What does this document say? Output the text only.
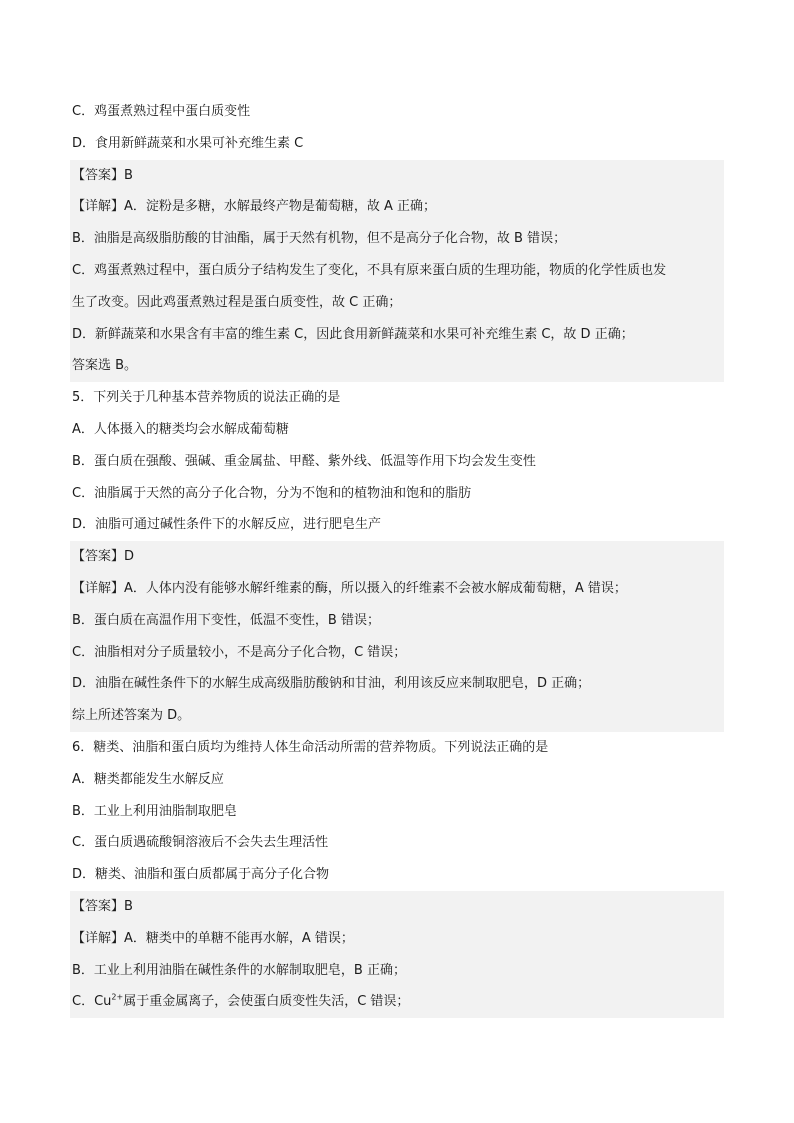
C．鸡蛋煮熟过程中蛋白质变性
D．食用新鲜蔬菜和水果可补充维生素 C
【答案】B
【详解】A．淀粉是多糖，水解最终产物是葡萄糖，故 A 正确；
B．油脂是高级脂肪酸的甘油酯，属于天然有机物，但不是高分子化合物，故 B 错误；
C．鸡蛋煮熟过程中，蛋白质分子结构发生了变化，不具有原来蛋白质的生理功能，物质的化学性质也发
生了改变。因此鸡蛋煮熟过程是蛋白质变性，故 C 正确；
D．新鲜蔬菜和水果含有丰富的维生素 C，因此食用新鲜蔬菜和水果可补充维生素 C，故 D 正确；
答案选 B。
5．下列关于几种基本营养物质的说法正确的是
A．人体摄入的糖类均会水解成葡萄糖
B．蛋白质在强酸、强碱、重金属盐、甲醛、紫外线、低温等作用下均会发生变性
C．油脂属于天然的高分子化合物，分为不饱和的植物油和饱和的脂肪
D．油脂可通过碱性条件下的水解反应，进行肥皂生产
【答案】D
【详解】A．人体内没有能够水解纤维素的酶，所以摄入的纤维素不会被水解成葡萄糖，A 错误；
B．蛋白质在高温作用下变性，低温不变性，B 错误；
C．油脂相对分子质量较小，不是高分子化合物，C 错误；
D．油脂在碱性条件下的水解生成高级脂肪酸钠和甘油，利用该反应来制取肥皂，D 正确；
综上所述答案为 D。
6．糖类、油脂和蛋白质均为维持人体生命活动所需的营养物质。下列说法正确的是
A．糖类都能发生水解反应
B．工业上利用油脂制取肥皂
C．蛋白质遇硫酸铜溶液后不会失去生理活性
D．糖类、油脂和蛋白质都属于高分子化合物
【答案】B
【详解】A．糖类中的单糖不能再水解，A 错误；
B．工业上利用油脂在碱性条件的水解制取肥皂，B 正确；
C．$Cu^{2+}$属于重金属离子，会使蛋白质变性失活，C 错误；
